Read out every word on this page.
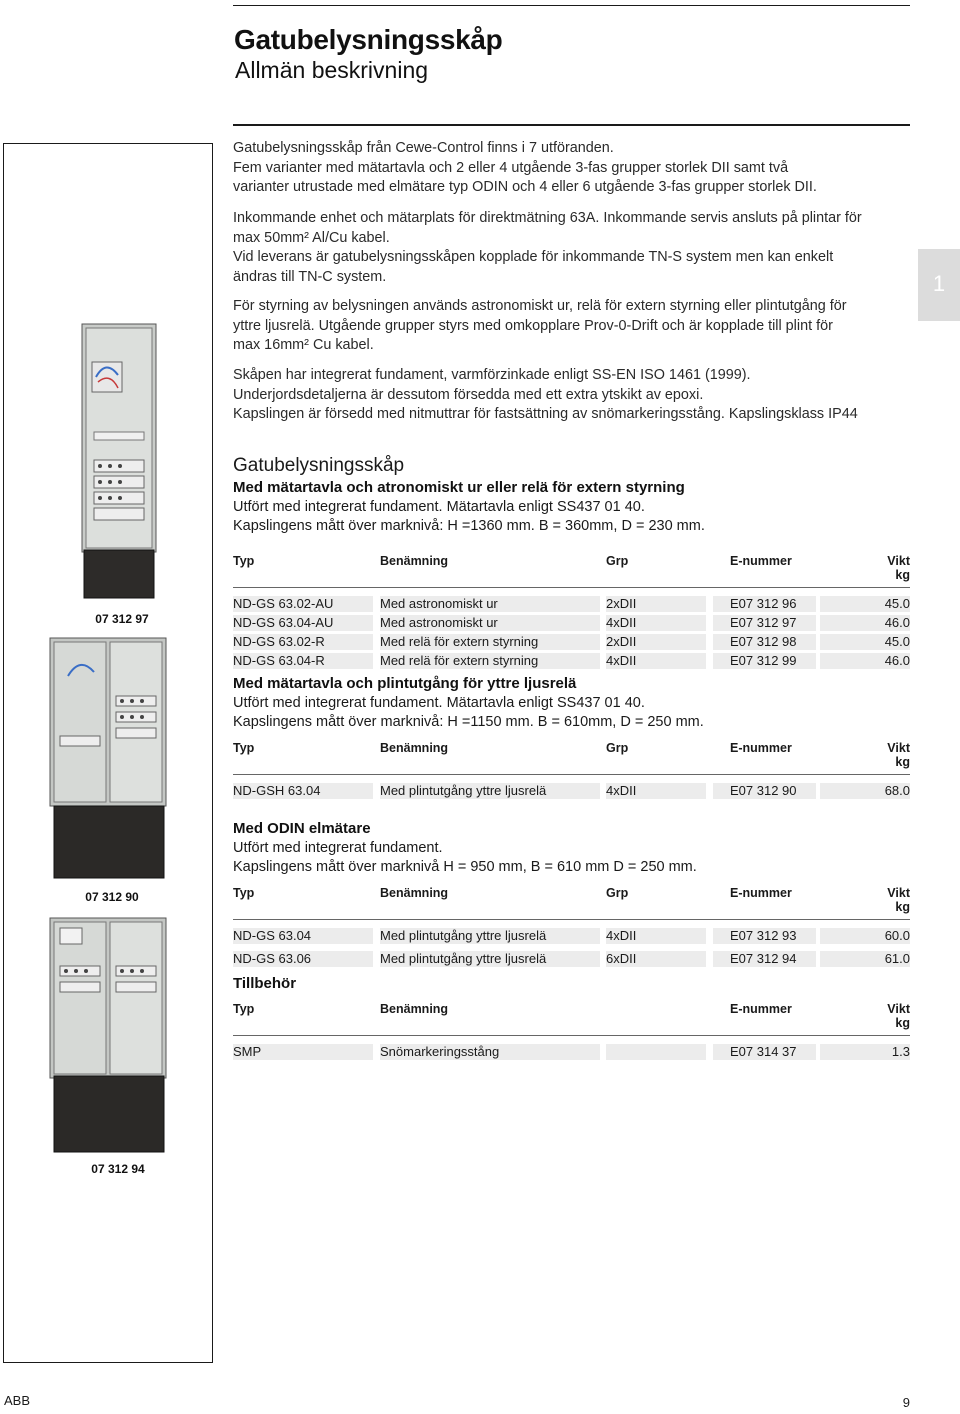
Gatubelysningsskåp
Allmän beskrivning
1
07 312 97
07 312 90
07 312 94
Gatubelysningsskåp från Cewe-Control finns i 7 utföranden.
Fem varianter med mätartavla och 2 eller 4 utgående 3-fas grupper storlek DII samt två
varianter utrustade med elmätare typ ODIN och 4 eller 6 utgående 3-fas grupper storlek DII.
Inkommande enhet och mätarplats för direktmätning 63A. Inkommande servis ansluts på plintar för
max 50mm² Al/Cu kabel.
Vid leverans är gatubelysningsskåpen kopplade för inkommande TN-S system men kan enkelt
ändras till TN-C system.
För styrning av belysningen används astronomiskt ur, relä för extern styrning eller plintutgång för
yttre ljusrelä. Utgående grupper styrs med omkopplare Prov-0-Drift och är kopplade till plint för
max 16mm² Cu kabel.
Skåpen har integrerat fundament, varmförzinkade enligt SS-EN ISO 1461 (1999).
Underjordsdetaljerna är dessutom försedda med ett extra ytskikt av epoxi.
Kapslingen är försedd med nitmuttrar för fastsättning av snömarkeringsstång. Kapslingsklass IP44
Gatubelysningsskåp
Med mätartavla och atronomiskt ur eller relä för extern styrning
Utfört med integrerat fundament. Mätartavla enligt SS437 01 40.
Kapslingens mått över marknivå: H =1360 mm. B = 360mm, D = 230 mm.
Typ	Benämning	Grp	E-nummer	Vikt
kg
ND-GS 63.02-AU	Med astronomiskt ur	2xDII	E07 312 96	45.0
ND-GS 63.04-AU	Med astronomiskt ur	4xDII	E07 312 97	46.0
ND-GS 63.02-R	Med relä för extern styrning	2xDII	E07 312 98	45.0
ND-GS 63.04-R	Med relä för extern styrning	4xDII	E07 312 99	46.0
Med mätartavla och plintutgång för yttre ljusrelä
Utfört med integrerat fundament. Mätartavla enligt SS437 01 40.
Kapslingens mått över marknivå: H =1150 mm. B = 610mm, D = 250 mm.
Typ	Benämning	Grp	E-nummer	Vikt
kg
ND-GSH 63.04	Med plintutgång yttre ljusrelä	4xDII	E07 312 90	68.0
Med ODIN elmätare
Utfört med integrerat fundament.
Kapslingens mått över marknivå H = 950 mm, B = 610 mm D = 250 mm.
Typ	Benämning	Grp	E-nummer	Vikt
kg
ND-GS 63.04	Med plintutgång yttre ljusrelä	4xDII	E07 312 93	60.0
ND-GS 63.06	Med plintutgång yttre ljusrelä	6xDII	E07 312 94	61.0
Tillbehör
Typ	Benämning	E-nummer	Vikt
kg
SMP	Snömarkeringsstång	E07 314 37	1.3
ABB	9
